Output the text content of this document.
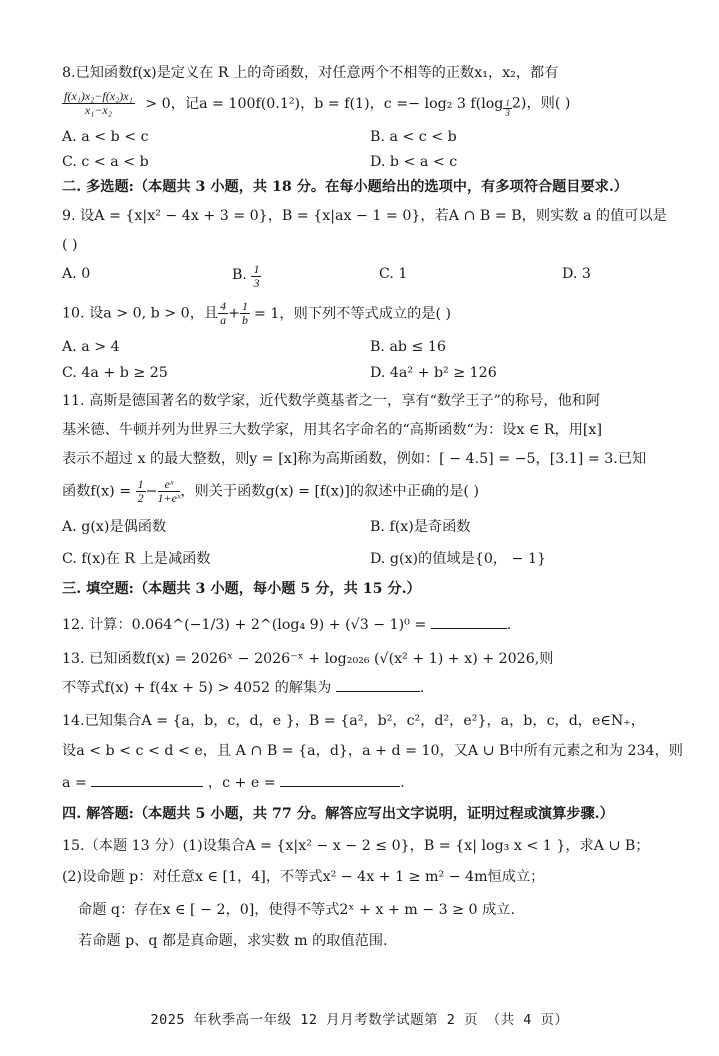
8.已知函数f(x)是定义在 R 上的奇函数，对任意两个不相等的正数x₁，x₂，都有
$\frac{\text{f(x₁)x₂−f(x₂)x₁}}{\text{x₁−x₂}} > 0$，记a = 100f(0.1²)，b = f(1)，c =− log₂ 3 $f(\log \frac{1}{3} 2)$，则( )
A. a < b < c	B. a < c < b
C. c < a < b	D. b < a < c
二. 多选题:（本题共 3 小题，共 18 分。在每小题给出的选项中，有多项符合题目要求.）
9. 设A = {x|x² − 4x + 3 = 0}，B = {x|ax − 1 = 0}，若A ∩ B = B，则实数 a 的值可以是
( )
A. 0	B. $\frac{1}{3}$	C. 1	D. 3
10. 设a > 0, b > 0，且 $\frac{4}{a} + \frac{1}{b} = 1$，则下列不等式成立的是( )
A. a > 4	B. ab ≤ 16
C. 4a + b ≥ 25	D. 4a² + b² ≥ 126
11. 高斯是德国著名的数学家，近代数学奠基者之一，享有“数学王子”的称号，他和阿
基米德、牛顿并列为世界三大数学家，用其名字命名的“高斯函数“为：设x ∈ R，用[x]
表示不超过 x 的最大整数，则y = [x]称为高斯函数，例如：[ − 4.5] = −5，[3.1] = 3.已知
函数$f(x) = \frac{1}{2} - \frac{\text{eˣ}}{\text{1+eˣ}}$ ，则关于函数g(x) = [f(x)]的叙述中正确的是( )
A. g(x)是偶函数	B. f(x)是奇函数
C. f(x)在 R 上是减函数	D. g(x)的值域是{0， − 1}
三. 填空题:（本题共 3 小题，每小题 5 分，共 15 分.）
12. 计算：0.064^(−1/3) + 2^(log₄ 9) + (√3 − 1)⁰ =	.
13. 已知函数f(x) = 2026ˣ − 2026⁻ˣ + log₂₀₂₆ (√(x² + 1) + x) + 2026,则
不等式f(x) + f(4x + 5) > 4052 的解集为	.
14.已知集合A = {a，b，c，d，e }，B = {a²，b²，c²，d²，e²}，a，b，c，d，e∈N₊，
设a < b < c < d < e，且 A ∩ B = {a，d}，a + d = 10，又A ∪ B中所有元素之和为 234，则
a =	，c + e =	.
四. 解答题:（本题共 5 小题，共 77 分。解答应写出文字说明，证明过程或演算步骤.）
15.（本题 13 分）(1)设集合A = {x|x² − x − 2 ≤ 0}，B = {x| log₃ x < 1 }，求A ∪ B；
(2)设命题 p：对任意x ∈ [1，4]，不等式x² − 4x + 1 ≥ m² − 4m恒成立；
命题 q：存在x ∈ [ − 2，0]，使得不等式2ˣ + x + m − 3 ≥ 0 成立.
若命题 p、q 都是真命题，求实数 m 的取值范围.
2025 年秋季高一年级 12 月月考数学试题第 2 页 （共 4 页）
